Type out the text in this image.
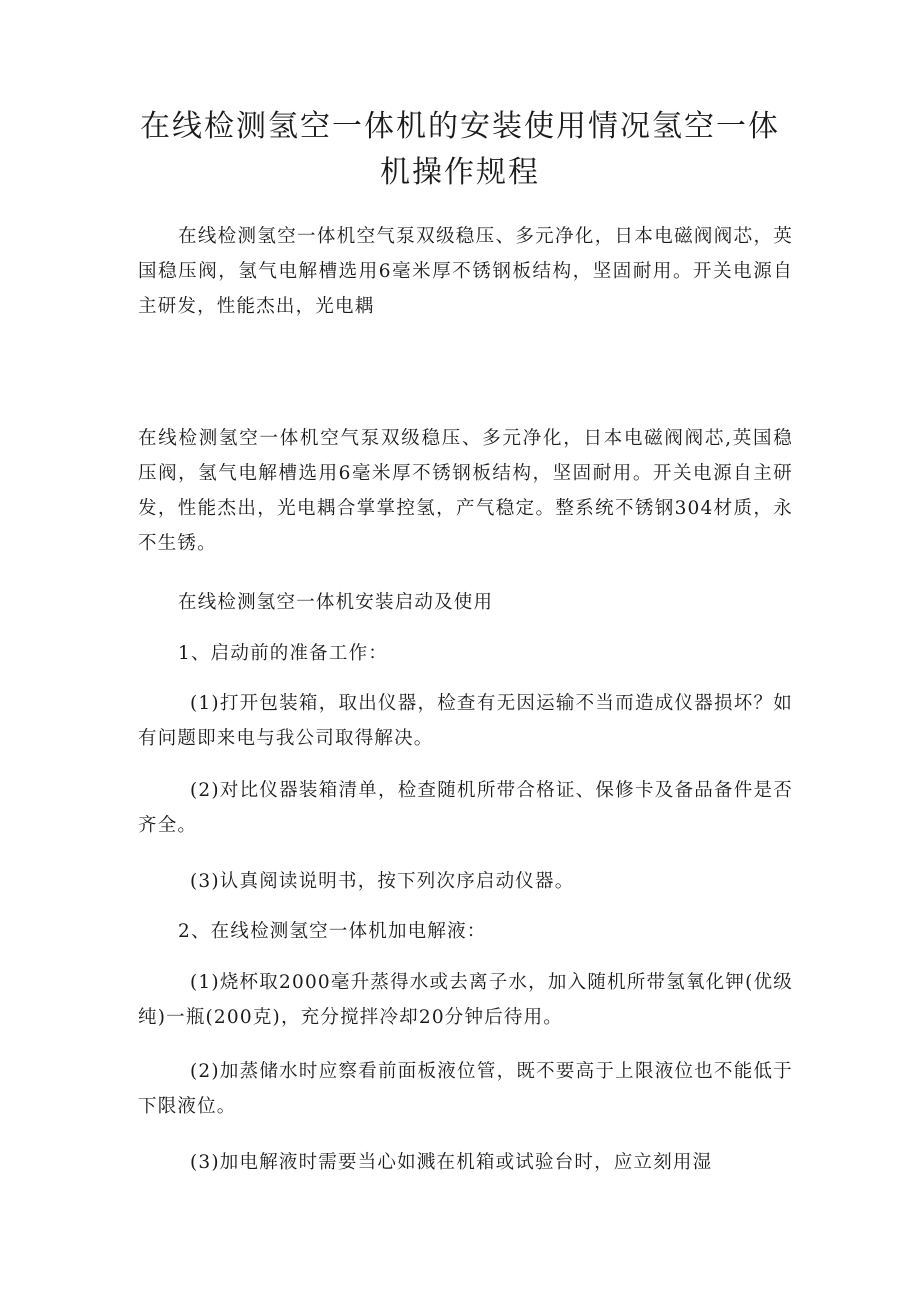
在线检测氢空一体机的安装使用情况氢空一体机操作规程

在线检测氢空一体机空气泵双级稳压、多元净化，日本电磁阀阀芯，英国稳压阀，氢气电解槽选用6毫米厚不锈钢板结构，坚固耐用。开关电源自主研发，性能杰出，光电耦

在线检测氢空一体机空气泵双级稳压、多元净化，日本电磁阀阀芯,英国稳压阀，氢气电解槽选用6毫米厚不锈钢板结构，坚固耐用。开关电源自主研发，性能杰出，光电耦合掌掌控氢，产气稳定。整系统不锈钢304材质，永不生锈。

在线检测氢空一体机安装启动及使用

1、启动前的准备工作：

(1)打开包装箱，取出仪器，检查有无因运输不当而造成仪器损坏？如有问题即来电与我公司取得解决。

(2)对比仪器装箱清单，检查随机所带合格证、保修卡及备品备件是否齐全。

(3)认真阅读说明书，按下列次序启动仪器。

2、在线检测氢空一体机加电解液：

(1)烧杯取2000毫升蒸得水或去离子水，加入随机所带氢氧化钾(优级纯)一瓶(200克)，充分搅拌冷却20分钟后待用。

(2)加蒸储水时应察看前面板液位管，既不要高于上限液位也不能低于下限液位。

(3)加电解液时需要当心如溅在机箱或试验台时，应立刻用湿
